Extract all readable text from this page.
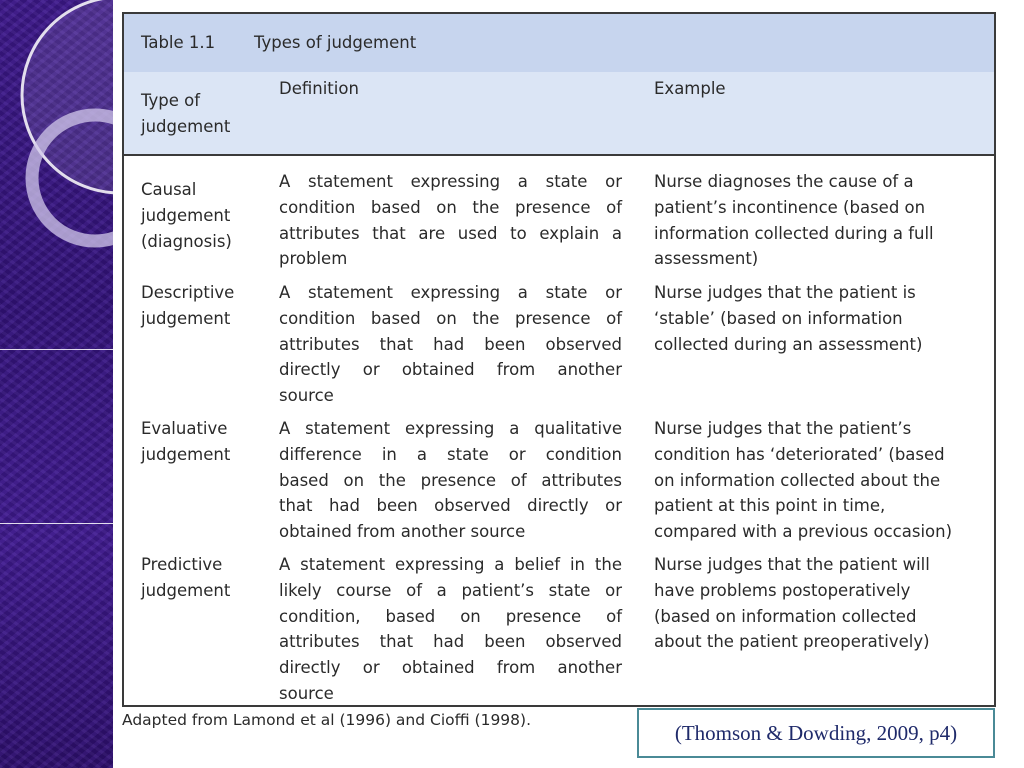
Table 1.1 Types of judgement
Type of
judgement
Definition	Example
Causal
judgement
(diagnosis)
A statement expressing a state or
condition based on the presence of
attributes that are used to explain a
problem
Nurse diagnoses the cause of a
patient’s incontinence (based on
information collected during a full
assessment)
Descriptive
judgement
A statement expressing a state or
condition based on the presence of
attributes that had been observed
directly or obtained from another
source
Nurse judges that the patient is
‘stable’ (based on information
collected during an assessment)
Evaluative
judgement
A statement expressing a qualitative
difference in a state or condition
based on the presence of attributes
that had been observed directly or
obtained from another source
Nurse judges that the patient’s
condition has ‘deteriorated’ (based
on information collected about the
patient at this point in time,
compared with a previous occasion)
Predictive
judgement
A statement expressing a belief in the
likely course of a patient’s state or
condition, based on presence of
attributes that had been observed
directly or obtained from another
source
Nurse judges that the patient will
have problems postoperatively
(based on information collected
about the patient preoperatively)
Adapted from Lamond et al (1996) and Cioffi (1998).
(Thomson & Dowding, 2009, p4)
